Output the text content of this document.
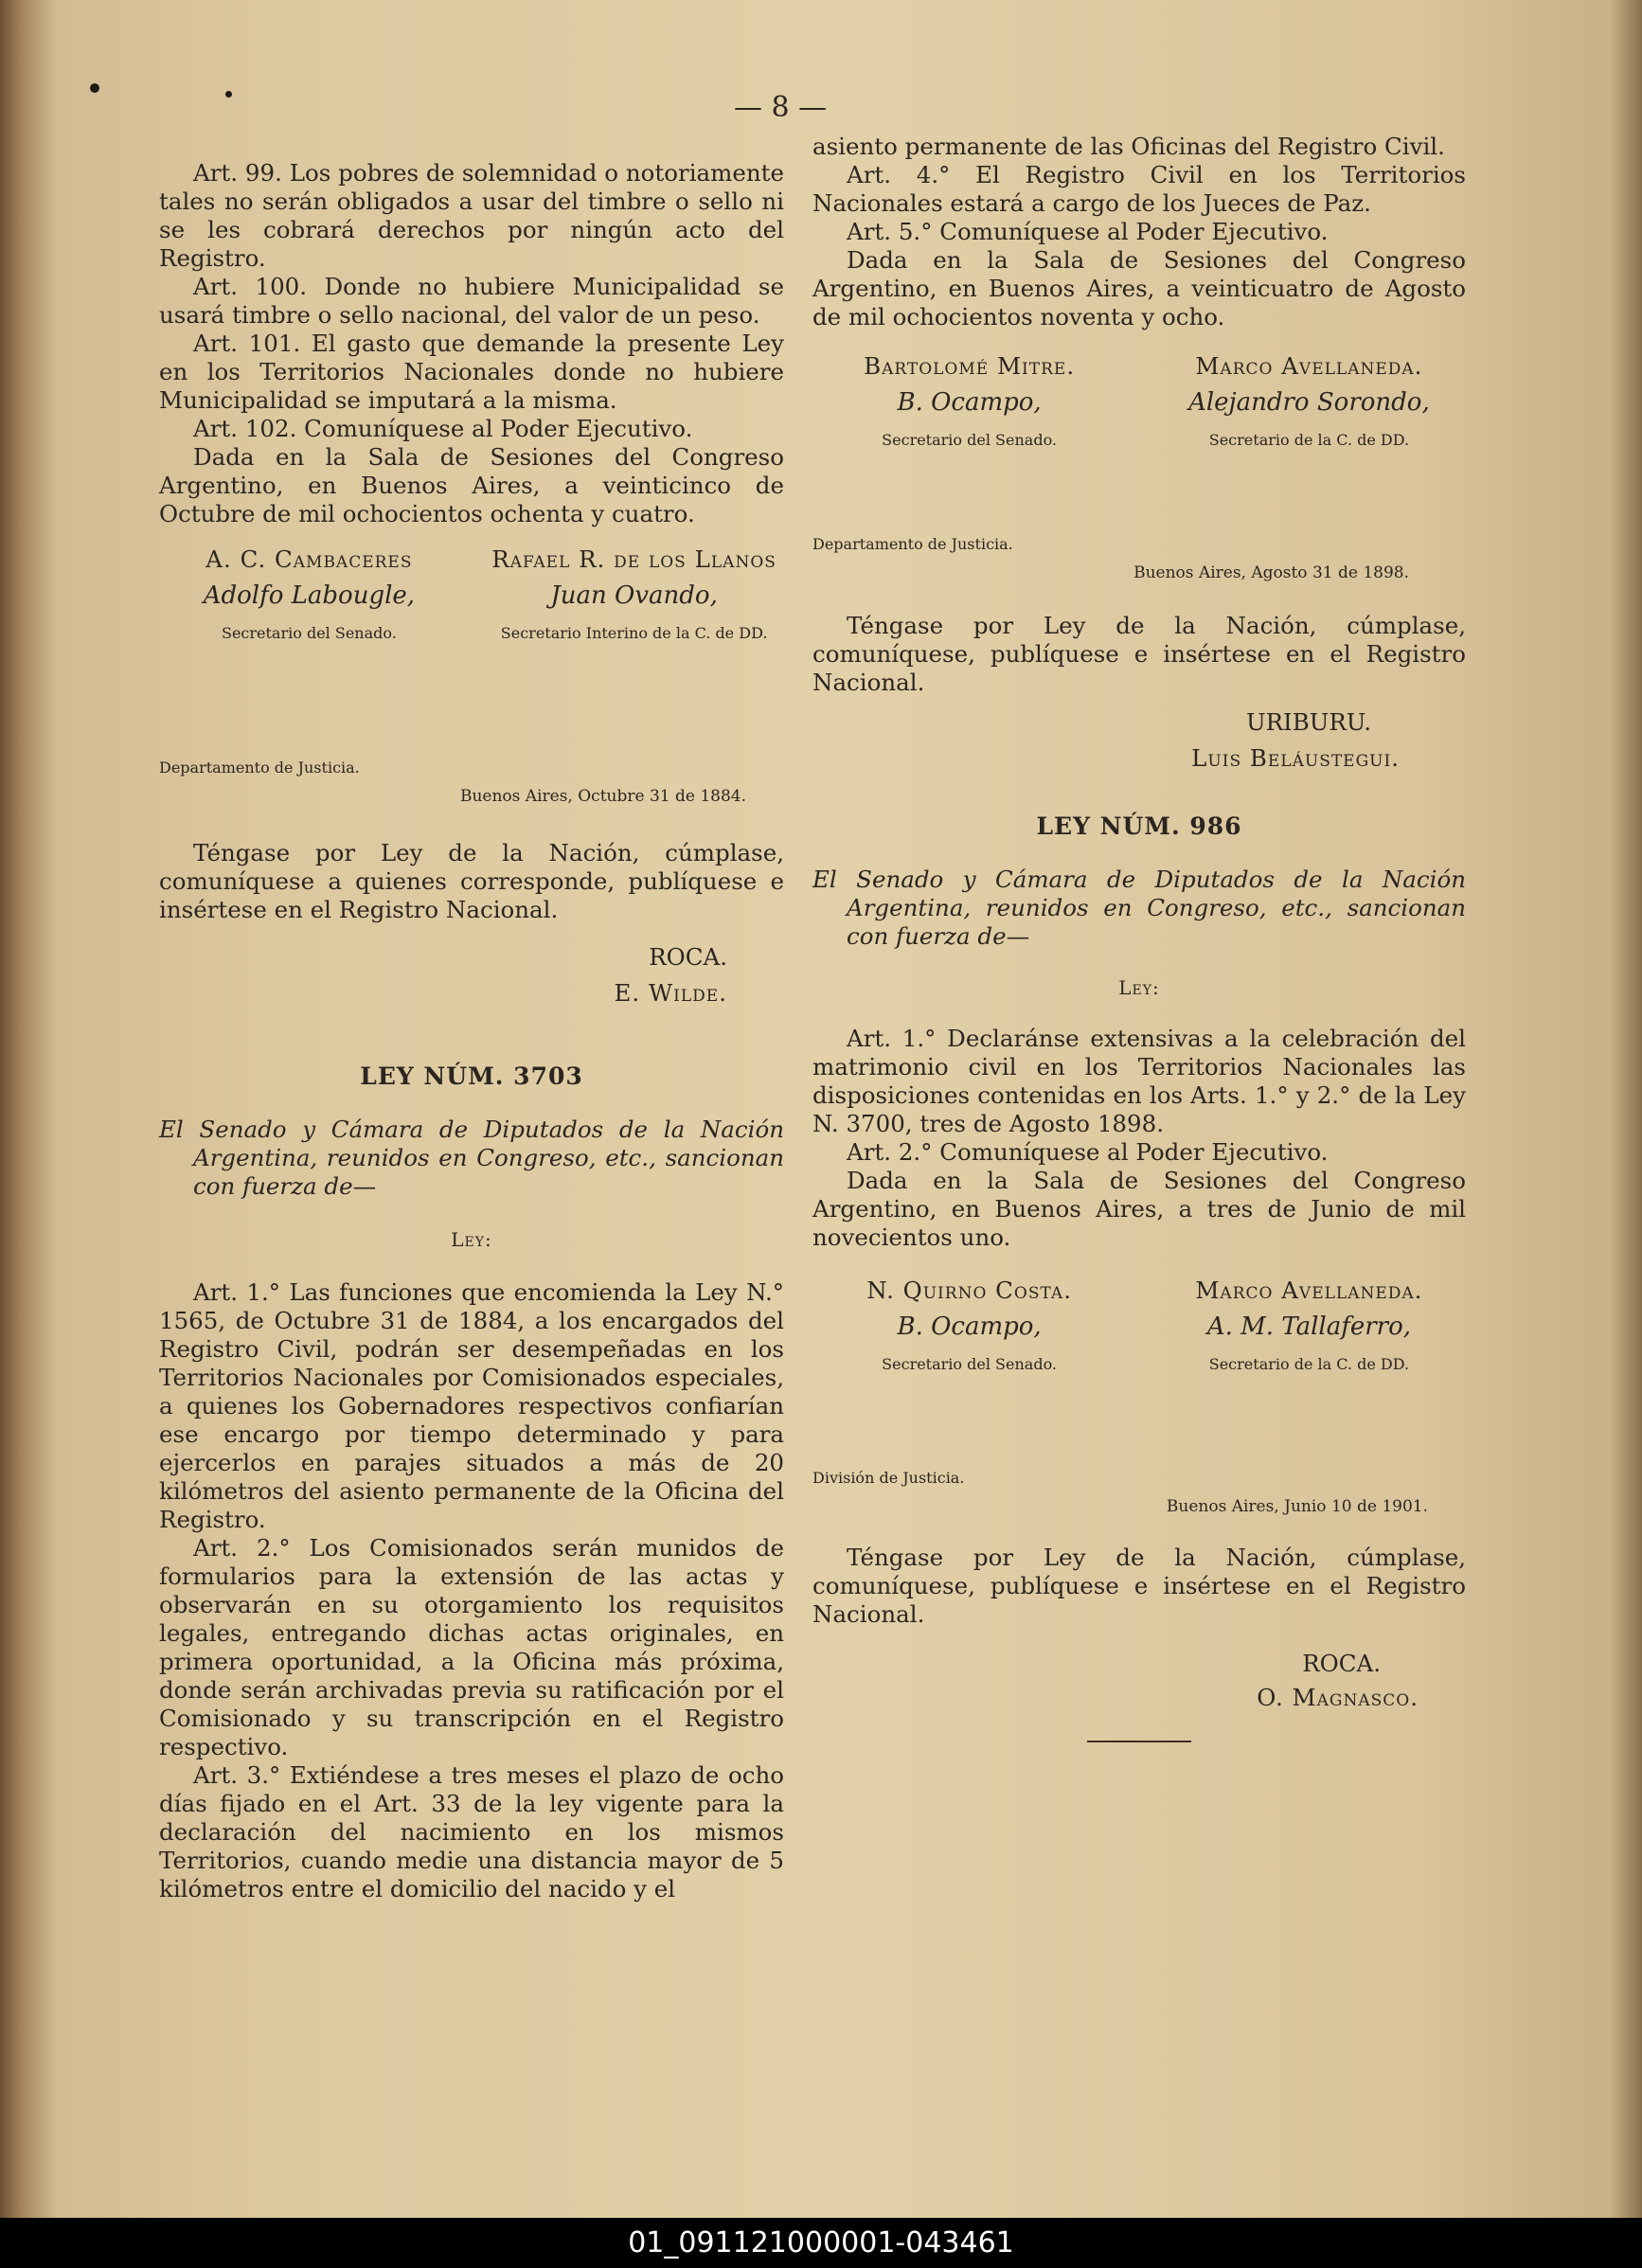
— 8 —

Art. 99. Los pobres de solemnidad o notoriamente tales no serán obligados a usar del timbre o sello ni se les cobrará derechos por ningún acto del Registro.

Art. 100. Donde no hubiere Municipalidad se usará timbre o sello nacional, del valor de un peso.

Art. 101. El gasto que demande la presente Ley en los Territorios Nacionales donde no hubiere Municipalidad se imputará a la misma.

Art. 102. Comuníquese al Poder Ejecutivo.

Dada en la Sala de Sesiones del Congreso Argentino, en Buenos Aires, a veinticinco de Octubre de mil ochocientos ochenta y cuatro.

A. C. Cambaceres
Adolfo Labougle,
Secretario del Senado.
Rafael R. de los Llanos
Juan Ovando,
Secretario Interino de la C. de DD.
Departamento de Justicia.
Buenos Aires, Octubre 31 de 1884.

Téngase por Ley de la Nación, cúmplase, comuníquese a quienes corresponde, publíquese e insértese en el Registro Nacional.

ROCA.
E. Wilde.
LEY NÚM. 3703

El Senado y Cámara de Diputados de la Nación Argentina, reunidos en Congreso, etc., sancionan con fuerza de—

Ley:

Art. 1.° Las funciones que encomienda la Ley N.° 1565, de Octubre 31 de 1884, a los encargados del Registro Civil, podrán ser desempeñadas en los Territorios Nacionales por Comisionados especiales, a quienes los Gobernadores respectivos confiarían ese encargo por tiempo determinado y para ejercerlos en parajes situados a más de 20 kilómetros del asiento permanente de la Oficina del Registro.

Art. 2.° Los Comisionados serán munidos de formularios para la extensión de las actas y observarán en su otorgamiento los requisitos legales, entregando dichas actas originales, en primera oportunidad, a la Oficina más próxima, donde serán archivadas previa su ratificación por el Comisionado y su transcripción en el Registro respectivo.

Art. 3.° Extiéndese a tres meses el plazo de ocho días fijado en el Art. 33 de la ley vigente para la declaración del nacimiento en los mismos Territorios, cuando medie una distancia mayor de 5 kilómetros entre el domicilio del nacido y el

asiento permanente de las Oficinas del Registro Civil.

Art. 4.° El Registro Civil en los Territorios Nacionales estará a cargo de los Jueces de Paz.

Art. 5.° Comuníquese al Poder Ejecutivo.

Dada en la Sala de Sesiones del Congreso Argentino, en Buenos Aires, a veinticuatro de Agosto de mil ochocientos noventa y ocho.

Bartolomé Mitre.
B. Ocampo,
Secretario del Senado.
Marco Avellaneda.
Alejandro Sorondo,
Secretario de la C. de DD.
Departamento de Justicia.
Buenos Aires, Agosto 31 de 1898.

Téngase por Ley de la Nación, cúmplase, comuníquese, publíquese e insértese en el Registro Nacional.

URIBURU.
Luis Beláustegui.
LEY NÚM. 986

El Senado y Cámara de Diputados de la Nación Argentina, reunidos en Congreso, etc., sancionan con fuerza de—

Ley:

Art. 1.° Declaránse extensivas a la celebración del matrimonio civil en los Territorios Nacionales las disposiciones contenidas en los Arts. 1.° y 2.° de la Ley N. 3700, tres de Agosto 1898.

Art. 2.° Comuníquese al Poder Ejecutivo.

Dada en la Sala de Sesiones del Congreso Argentino, en Buenos Aires, a tres de Junio de mil novecientos uno.

N. Quirno Costa.
B. Ocampo,
Secretario del Senado.
Marco Avellaneda.
A. M. Tallaferro,
Secretario de la C. de DD.
División de Justicia.
Buenos Aires, Junio 10 de 1901.

Téngase por Ley de la Nación, cúmplase, comuníquese, publíquese e insértese en el Registro Nacional.

ROCA.
O. Magnasco.
01_091121000001-043461
